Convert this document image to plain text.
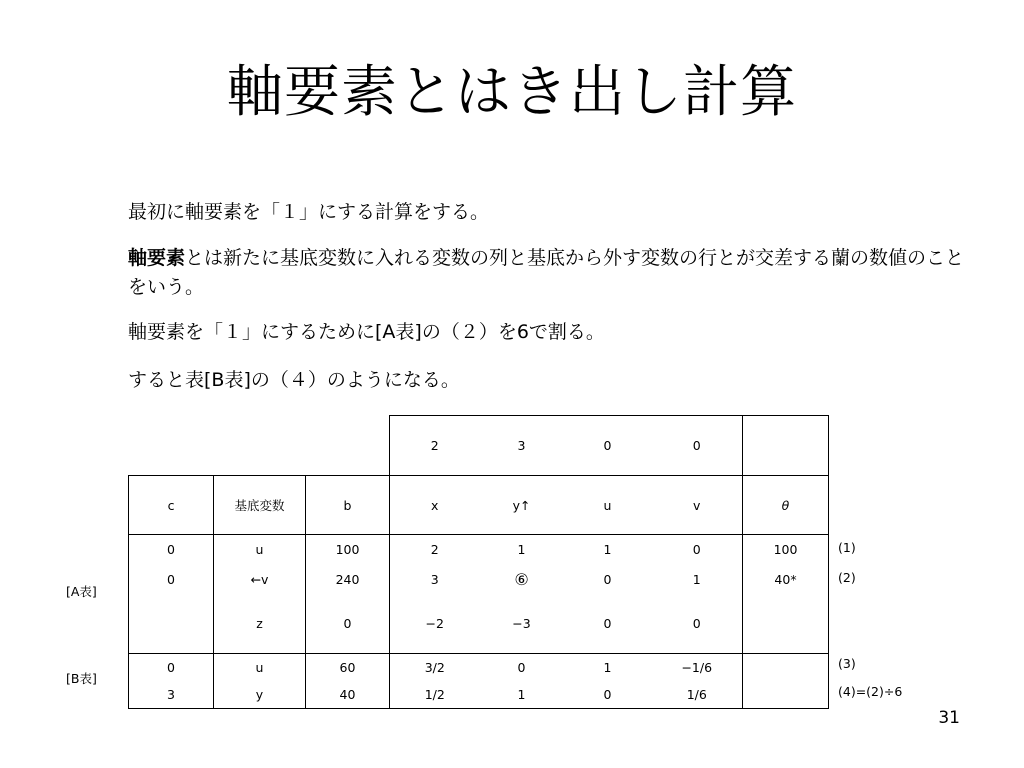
軸要素とはき出し計算
最初に軸要素を「１」にする計算をする。
軸要素とは新たに基底変数に入れる変数の列と基底から外す変数の行とが交差する蘭の数値のことをいう。
軸要素を「１」にするために[A表]の（２）を6で割る。
すると表[B表]の（４）のようになる。
			2	3	0	0	
c	基底変数	b	x	y↑	u	v	θ
0	u	100	2	1	1	0	100
0	←v	240	3	⑥	0	1	40*
	z	0	−2	−3	0	0	
0	u	60	3/2	0	1	−1/6	
3	y	40	1/2	1	0	1/6	
[A表]
[B表]
(1)
(2)
(3)
(4)=(2)÷6
31
